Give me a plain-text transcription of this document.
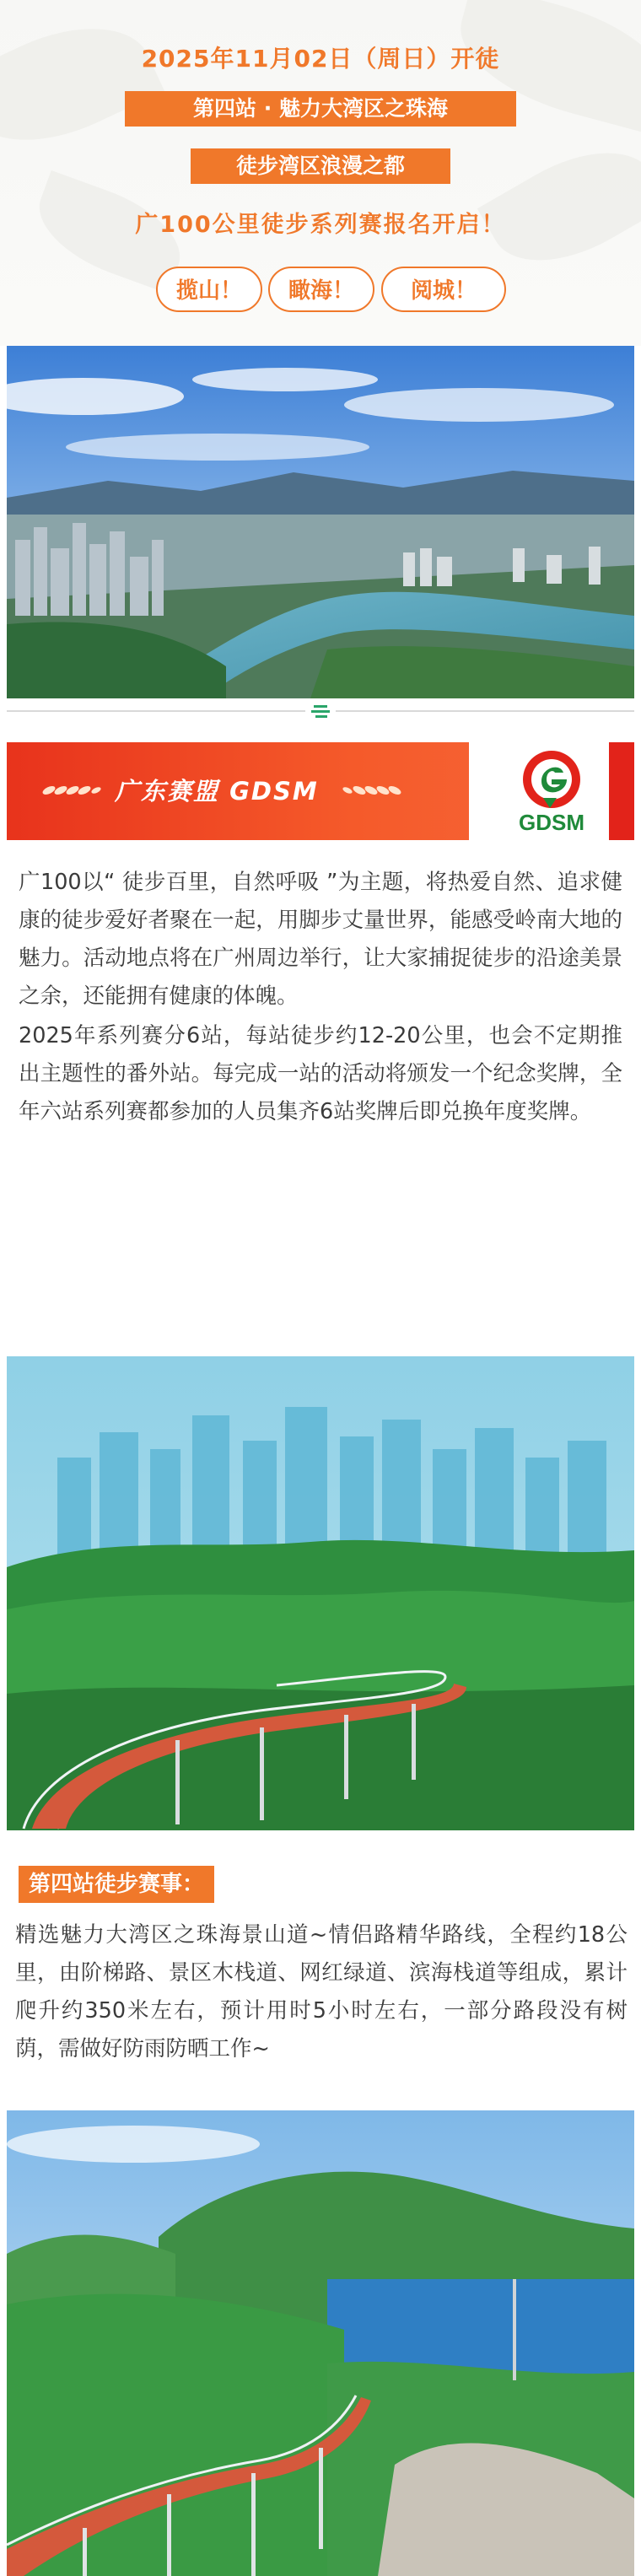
2025年11月02日（周日）开徒
第四站 · 魅力大湾区之珠海
徒步湾区浪漫之都
广100公里徒步系列赛报名开启！
揽山！	瞰海！	阅城！
广东赛盟 GDSM
GDSM
广100以“ 徒步百里，自然呼吸 ”为主题，将热爱自然、追求健康的徒步爱好者聚在一起，用脚步丈量世界，能感受岭南大地的魅力。活动地点将在广州周边举行，让大家捕捉徒步的沿途美景之余，还能拥有健康的体魄。
2025年系列赛分6站，每站徒步约12-20公里，也会不定期推出主题性的番外站。每完成一站的活动将颁发一个纪念奖牌，全年六站系列赛都参加的人员集齐6站奖牌后即兑换年度奖牌。
第四站徒步赛事：
精选魅力大湾区之珠海景山道~情侣路精华路线，全程约18公里，由阶梯路、景区木栈道、网红绿道、滨海栈道等组成，累计爬升约350米左右，预计用时5小时左右，一部分路段没有树荫，需做好防雨防晒工作~
